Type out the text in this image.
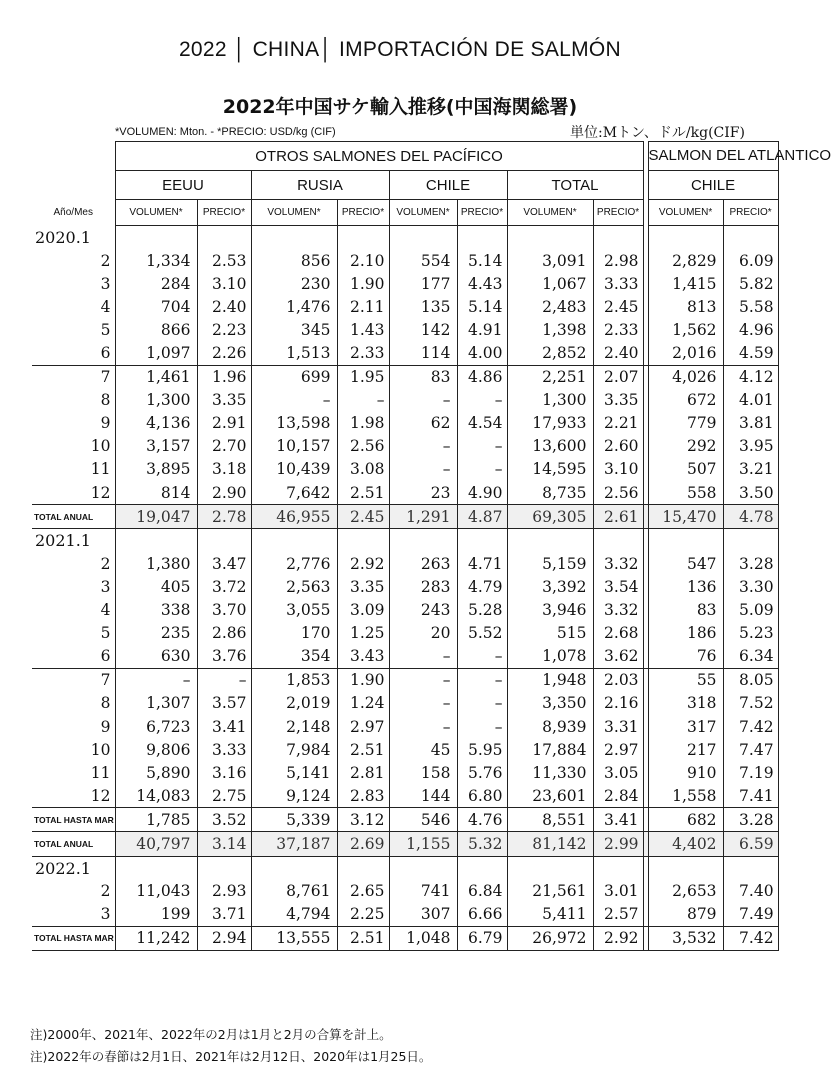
2022 │ CHINA│ IMPORTACIÓN DE SALMÓN
2022年中国サケ輸入推移(中国海関総署)
*VOLUMEN: Mton. - *PRECIO: USD/kg (CIF)	単位:Mトン、ドル/kg(CIF)
	OTROS SALMONES DEL PACÍFICO									SALMON DEL ATLANTICO	
	EEUU		RUSIA		CHILE		TOTAL			CHILE	
Año/Mes	VOLUMEN*	PRECIO*	VOLUMEN*	PRECIO*	VOLUMEN*	PRECIO*	VOLUMEN*	PRECIO*		VOLUMEN*	PRECIO*
2020.1											
2	1,334	2.53	856	2.10	554	5.14	3,091	2.98		2,829	6.09
3	284	3.10	230	1.90	177	4.43	1,067	3.33		1,415	5.82
4	704	2.40	1,476	2.11	135	5.14	2,483	2.45		813	5.58
5	866	2.23	345	1.43	142	4.91	1,398	2.33		1,562	4.96
6	1,097	2.26	1,513	2.33	114	4.00	2,852	2.40		2,016	4.59
7	1,461	1.96	699	1.95	83	4.86	2,251	2.07		4,026	4.12
8	1,300	3.35	–	–	–	–	1,300	3.35		672	4.01
9	4,136	2.91	13,598	1.98	62	4.54	17,933	2.21		779	3.81
10	3,157	2.70	10,157	2.56	–	–	13,600	2.60		292	3.95
11	3,895	3.18	10,439	3.08	–	–	14,595	3.10		507	3.21
12	814	2.90	7,642	2.51	23	4.90	8,735	2.56		558	3.50
TOTAL ANUAL	19,047	2.78	46,955	2.45	1,291	4.87	69,305	2.61		15,470	4.78
2021.1											
2	1,380	3.47	2,776	2.92	263	4.71	5,159	3.32		547	3.28
3	405	3.72	2,563	3.35	283	4.79	3,392	3.54		136	3.30
4	338	3.70	3,055	3.09	243	5.28	3,946	3.32		83	5.09
5	235	2.86	170	1.25	20	5.52	515	2.68		186	5.23
6	630	3.76	354	3.43	–	–	1,078	3.62		76	6.34
7	–	–	1,853	1.90	–	–	1,948	2.03		55	8.05
8	1,307	3.57	2,019	1.24	–	–	3,350	2.16		318	7.52
9	6,723	3.41	2,148	2.97	–	–	8,939	3.31		317	7.42
10	9,806	3.33	7,984	2.51	45	5.95	17,884	2.97		217	7.47
11	5,890	3.16	5,141	2.81	158	5.76	11,330	3.05		910	7.19
12	14,083	2.75	9,124	2.83	144	6.80	23,601	2.84		1,558	7.41
TOTAL HASTA MAR	1,785	3.52	5,339	3.12	546	4.76	8,551	3.41		682	3.28
TOTAL ANUAL	40,797	3.14	37,187	2.69	1,155	5.32	81,142	2.99		4,402	6.59
2022.1											
2	11,043	2.93	8,761	2.65	741	6.84	21,561	3.01		2,653	7.40
3	199	3.71	4,794	2.25	307	6.66	5,411	2.57		879	7.49
TOTAL HASTA MAR	11,242	2.94	13,555	2.51	1,048	6.79	26,972	2.92		3,532	7.42
注)2000年、2021年、2022年の2月は1月と2月の合算を計上。
注)2022年の春節は2月1日、2021年は2月12日、2020年は1月25日。
